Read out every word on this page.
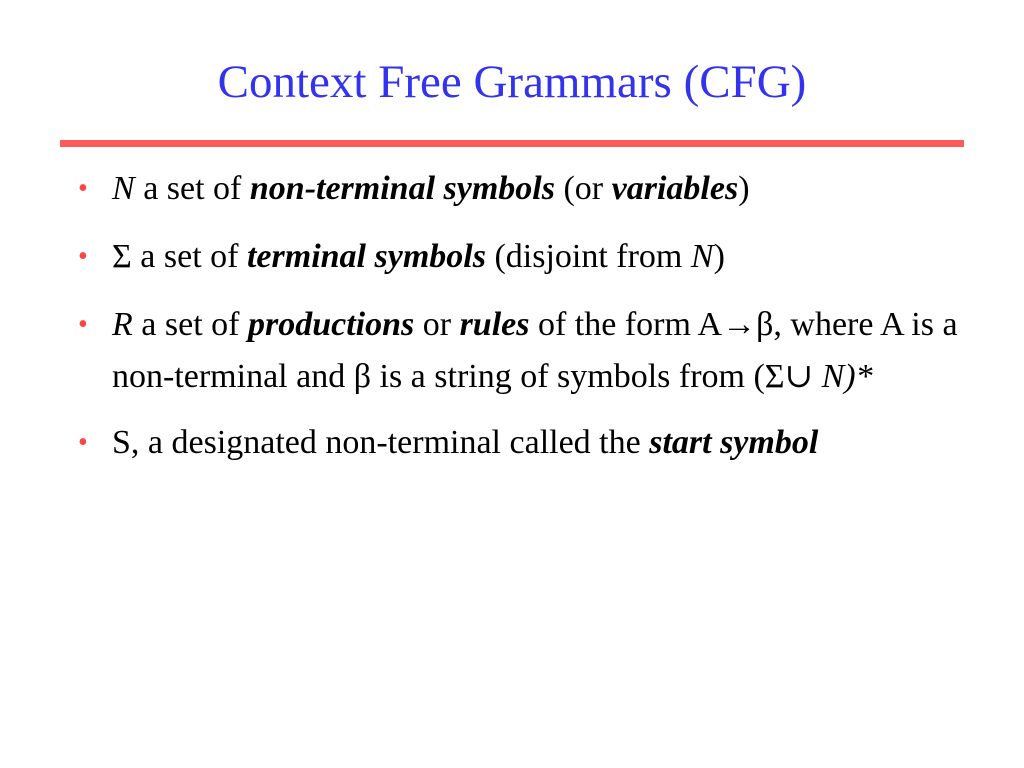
Context Free Grammars (CFG)
• N a set of non-terminal symbols (or variables)
• Σ a set of terminal symbols (disjoint from N)
• R a set of productions or rules of the form A→β, where A is a non-terminal and β is a string of symbols from (Σ∪ N)*
• S, a designated non-terminal called the start symbol
